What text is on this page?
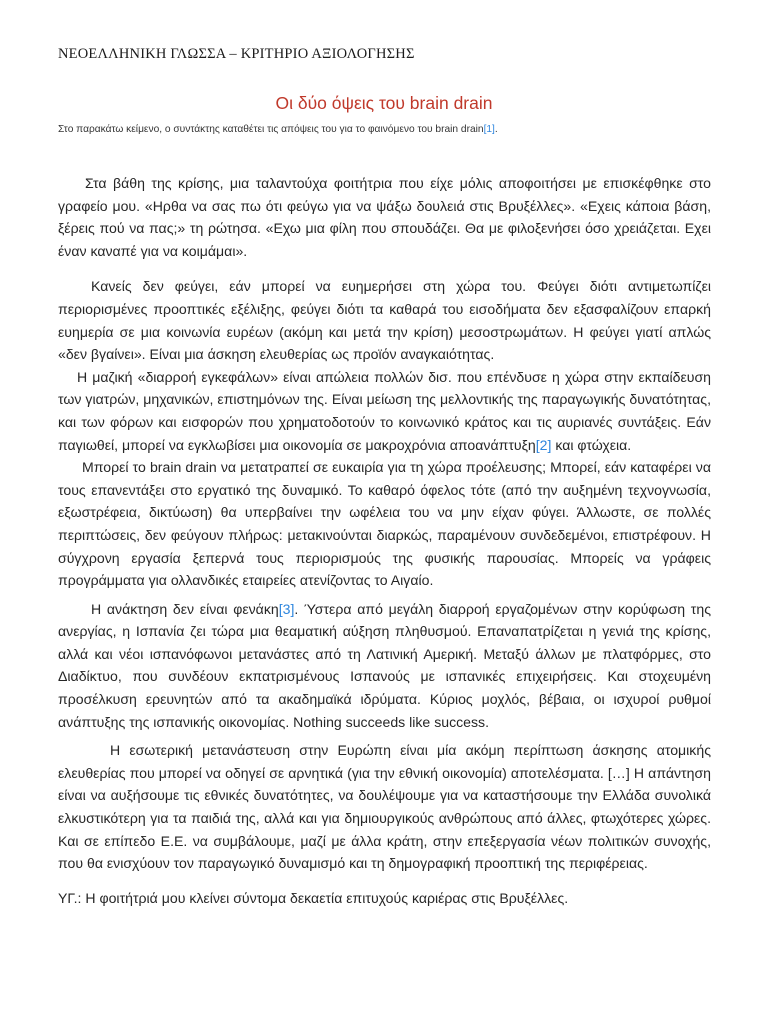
ΝΕΟΕΛΛΗΝΙΚΗ ΓΛΩΣΣΑ – ΚΡΙΤΗΡΙΟ ΑΞΙΟΛΟΓΗΣΗΣ
Οι δύο όψεις του brain drain
Στο παρακάτω κείμενο, ο συντάκτης καταθέτει τις απόψεις του για το φαινόμενο του brain drain[1].

Στα βάθη της κρίσης, μια ταλαντούχα φοιτήτρια που είχε μόλις αποφοιτήσει με επισκέφθηκε στο γραφείο μου. «Ηρθα να σας πω ότι φεύγω για να ψάξω δουλειά στις Βρυξέλλες». «Εχεις κάποια βάση, ξέρεις πού να πας;» τη ρώτησα. «Εχω μια φίλη που σπουδάζει. Θα με φιλοξενήσει όσο χρειάζεται. Εχει έναν καναπέ για να κοιμάμαι».

Κανείς δεν φεύγει, εάν μπορεί να ευημερήσει στη χώρα του. Φεύγει διότι αντιμετωπίζει περιορισμένες προοπτικές εξέλιξης, φεύγει διότι τα καθαρά του εισοδήματα δεν εξασφαλίζουν επαρκή ευημερία σε μια κοινωνία ευρέων (ακόμη και μετά την κρίση) μεσοστρωμάτων. Η φεύγει γιατί απλώς «δεν βγαίνει». Είναι μια άσκηση ελευθερίας ως προϊόν αναγκαιότητας.

Η μαζική «διαρροή εγκεφάλων» είναι απώλεια πολλών δισ. που επένδυσε η χώρα στην εκπαίδευση των γιατρών, μηχανικών, επιστημόνων της. Είναι μείωση της μελλοντικής της παραγωγικής δυνατότητας, και των φόρων και εισφορών που χρηματοδοτούν το κοινωνικό κράτος και τις αυριανές συντάξεις. Εάν παγιωθεί, μπορεί να εγκλωβίσει μια οικονομία σε μακροχρόνια αποανάπτυξη[2] και φτώχεια.

Μπορεί το brain drain να μετατραπεί σε ευκαιρία για τη χώρα προέλευσης; Μπορεί, εάν καταφέρει να τους επανεντάξει στο εργατικό της δυναμικό. Το καθαρό όφελος τότε (από την αυξημένη τεχνογνωσία, εξωστρέφεια, δικτύωση) θα υπερβαίνει την ωφέλεια του να μην είχαν φύγει. Άλλωστε, σε πολλές περιπτώσεις, δεν φεύγουν πλήρως: μετακινούνται διαρκώς, παραμένουν συνδεδεμένοι, επιστρέφουν. Η σύγχρονη εργασία ξεπερνά τους περιορισμούς της φυσικής παρουσίας. Μπορείς να γράφεις προγράμματα για ολλανδικές εταιρείες ατενίζοντας το Αιγαίο.

Η ανάκτηση δεν είναι φενάκη[3]. Ύστερα από μεγάλη διαρροή εργαζομένων στην κορύφωση της ανεργίας, η Ισπανία ζει τώρα μια θεαματική αύξηση πληθυσμού. Επαναπατρίζεται η γενιά της κρίσης, αλλά και νέοι ισπανόφωνοι μετανάστες από τη Λατινική Αμερική. Μεταξύ άλλων με πλατφόρμες, στο Διαδίκτυο, που συνδέουν εκπατρισμένους Ισπανούς με ισπανικές επιχειρήσεις. Και στοχευμένη προσέλκυση ερευνητών από τα ακαδημαϊκά ιδρύματα. Κύριος μοχλός, βέβαια, οι ισχυροί ρυθμοί ανάπτυξης της ισπανικής οικονομίας. Nothing succeeds like success.

Η εσωτερική μετανάστευση στην Ευρώπη είναι μία ακόμη περίπτωση άσκησης ατομικής ελευθερίας που μπορεί να οδηγεί σε αρνητικά (για την εθνική οικονομία) αποτελέσματα. […] Η απάντηση είναι να αυξήσουμε τις εθνικές δυνατότητες, να δουλέψουμε για να καταστήσουμε την Ελλάδα συνολικά ελκυστικότερη για τα παιδιά της, αλλά και για δημιουργικούς ανθρώπους από άλλες, φτωχότερες χώρες. Και σε επίπεδο Ε.Ε. να συμβάλουμε, μαζί με άλλα κράτη, στην επεξεργασία νέων πολιτικών συνοχής, που θα ενισχύουν τον παραγωγικό δυναμισμό και τη δημογραφική προοπτική της περιφέρειας.

ΥΓ.: Η φοιτήτριά μου κλείνει σύντομα δεκαετία επιτυχούς καριέρας στις Βρυξέλλες.
